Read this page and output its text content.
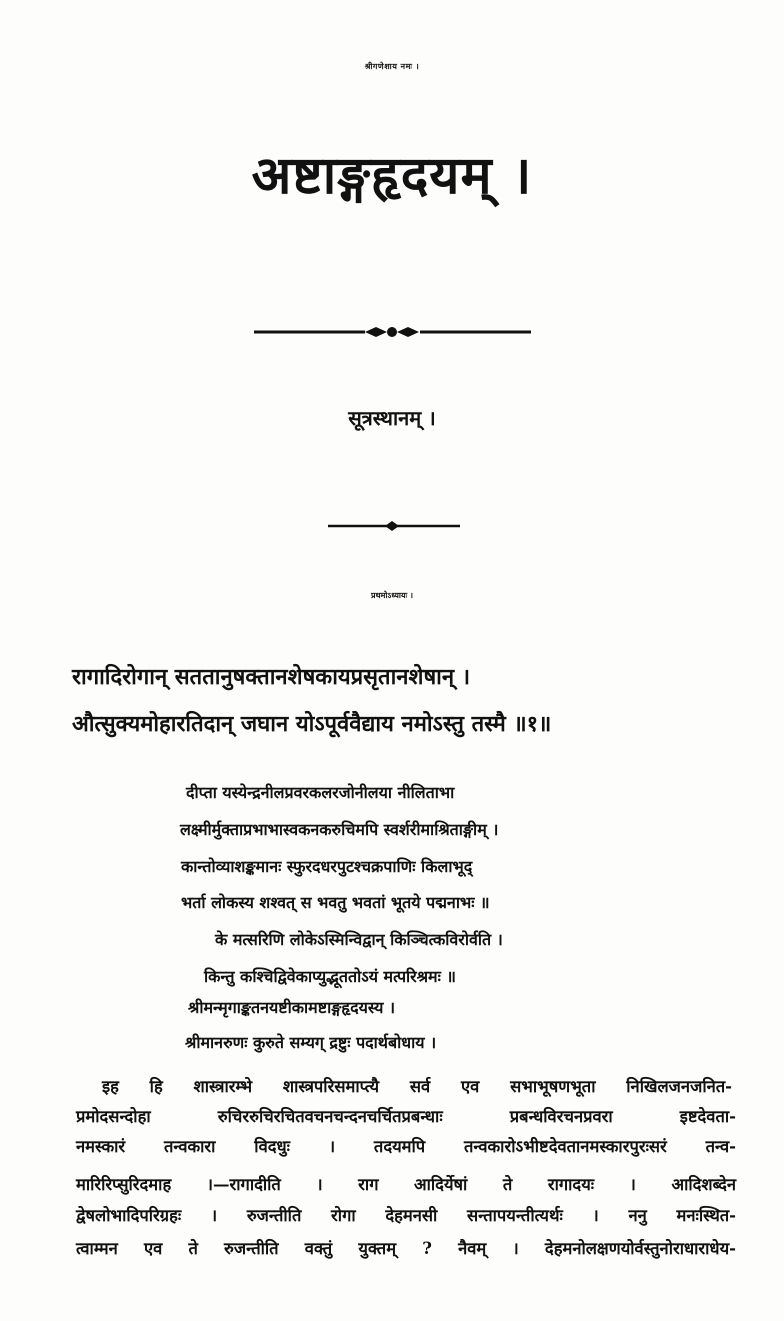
श्रीगणेशाय नमः ।
अष्टाङ्गहृदयम् ।
सूत्रस्थानम् ।
प्रथमोऽध्यायः ।
रागादिरोगान् सततानुषक्तानशेषकायप्रसृतानशेषान् ।
औत्सुक्यमोहारतिदान् जघान योऽपूर्ववैद्याय नमोऽस्तु तस्मै ॥१॥
दीप्ता यस्येन्द्रनीलप्रवरकलरजोनीलया नीलिताभा
लक्ष्मीर्मुक्ताप्रभाभास्वकनकरुचिमपि स्वर्शरीमाश्रिताङ्गीम् ।
कान्तोव्याशङ्कमानः स्फुरदधरपुटश्चक्रपाणिः किलाभूद्
भर्ता लोकस्य शश्वत् स भवतु भवतां भूतये पद्मनाभः ॥
के मत्सरिणि लोकेऽस्मिन्विद्वान् किञ्चित्कविरोर्वति ।
किन्तु कश्चिद्विवेकाप्युद्भूततोऽयं मत्परिश्रमः ॥
श्रीमन्मृगाङ्कतनयष्टीकामष्टाङ्गहृदयस्य ।
श्रीमानरुणः कुरुते सम्यग् द्रष्टुः पदार्थबोधाय ।
इह हि शास्त्रारम्भे शास्त्रपरिसमाप्त्यै सर्व एव सभाभूषणभूता निखिलजनजनित-
प्रमोदसन्दोहा रुचिररुचिरचितवचनचन्दनचर्चितप्रबन्धाः प्रबन्धविरचनप्रवरा इष्टदेवता-
नमस्कारं तन्वकारा विदधुः । तदयमपि तन्वकारोऽभीष्टदेवतानमस्कारपुरःसरं तन्व-
मारिरिप्सुरिदमाह ।—रागादीति । राग आदिर्येषां ते रागादयः । आदिशब्देन
द्वेषलोभादिपरिग्रहः । रुजन्तीति रोगा देहमनसी सन्तापयन्तीत्यर्थः । ननु मनःस्थित-
त्वाम्मन एव ते रुजन्तीति वक्तुं युक्तम् ? नैवम् । देहमनोलक्षणयोर्वस्तुनोराधाराधेय-
